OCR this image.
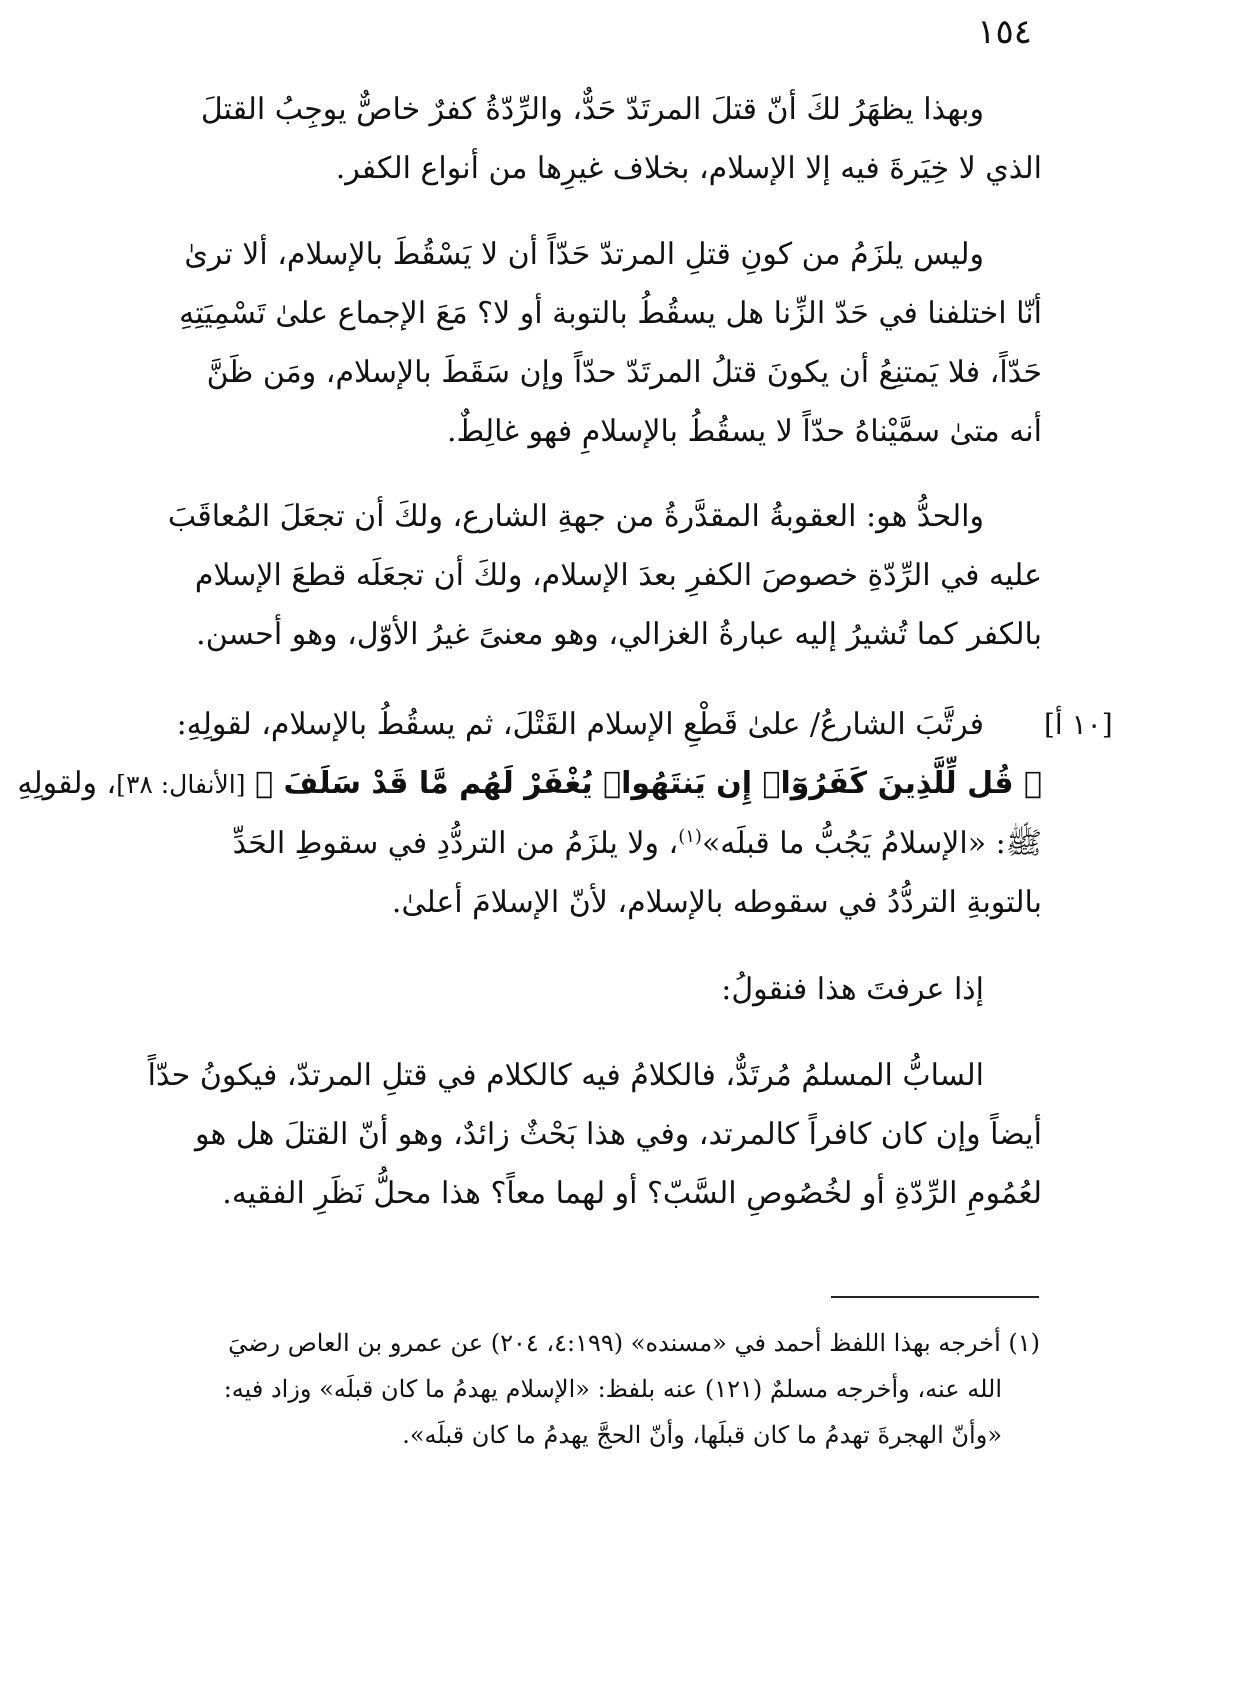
١٥٤

وبهذا يظهَرُ لكَ أنّ قتلَ المرتَدّ حَدٌّ، والرِّدّةُ كفرٌ خاصٌّ يوجِبُ القتلَ
الذي لا خِيَرةَ فيه إلا الإسلام، بخلاف غيرِها من أنواع الكفر.

وليس يلزَمُ من كونِ قتلِ المرتدّ حَدّاً أن لا يَسْقُطَ بالإسلام، ألا ترىٰ
أنّا اختلفنا في حَدّ الزِّنا هل يسقُطُ بالتوبة أو لا؟ مَعَ الإجماع علىٰ تَسْمِيَتِهِ
حَدّاً، فلا يَمتنِعُ أن يكونَ قتلُ المرتَدّ حدّاً وإن سَقَطَ بالإسلام، ومَن ظَنَّ
أنه متىٰ سمَّيْناهُ حدّاً لا يسقُطُ بالإسلامِ فهو غالِطٌ.

والحدُّ هو: العقوبةُ المقدَّرةُ من جهةِ الشارع، ولكَ أن تجعَلَ المُعاقَبَ
عليه في الرِّدّةِ خصوصَ الكفرِ بعدَ الإسلام، ولكَ أن تجعَلَه قطعَ الإسلام
بالكفر كما تُشيرُ إليه عبارةُ الغزالي، وهو معنىً غيرُ الأوّل، وهو أحسن.

[١٠ أ]

فرتَّبَ الشارعُ/ علىٰ قَطْعِ الإسلام القَتْلَ، ثم يسقُطُ بالإسلام، لقولِهِ:
﴿ قُل لِّلَّذِينَ كَفَرُوٓا۟ إِن يَنتَهُوا۟ يُغْفَرْ لَهُم مَّا قَدْ سَلَفَ ﴾ [الأنفال: ٣٨]، ولقولِهِ
ﷺ: «الإسلامُ يَجُبُّ ما قبلَه»$^{(١)}$، ولا يلزَمُ من التردُّدِ في سقوطِ الحَدِّ
بالتوبةِ التردُّدُ في سقوطه بالإسلام، لأنّ الإسلامَ أعلىٰ.

إذا عرفتَ هذا فنقولُ:

السابُّ المسلمُ مُرتَدٌّ، فالكلامُ فيه كالكلام في قتلِ المرتدّ، فيكونُ حدّاً
أيضاً وإن كان كافراً كالمرتد، وفي هذا بَحْثٌ زائدٌ، وهو أنّ القتلَ هل هو
لعُمُومِ الرِّدّةِ أو لخُصُوصِ السَّبّ؟ أو لهما معاً؟ هذا محلُّ نَظَرِ الفقيه.

(١) أخرجه بهذا اللفظ أحمد في «مسنده» (٤:١٩٩، ٢٠٤) عن عمرو بن العاص رضيَ
الله عنه، وأخرجه مسلمٌ (١٢١) عنه بلفظ: «الإسلام يهدمُ ما كان قبلَه» وزاد فيه:
«وأنّ الهجرةَ تهدمُ ما كان قبلَها، وأنّ الحجَّ يهدمُ ما كان قبلَه».
